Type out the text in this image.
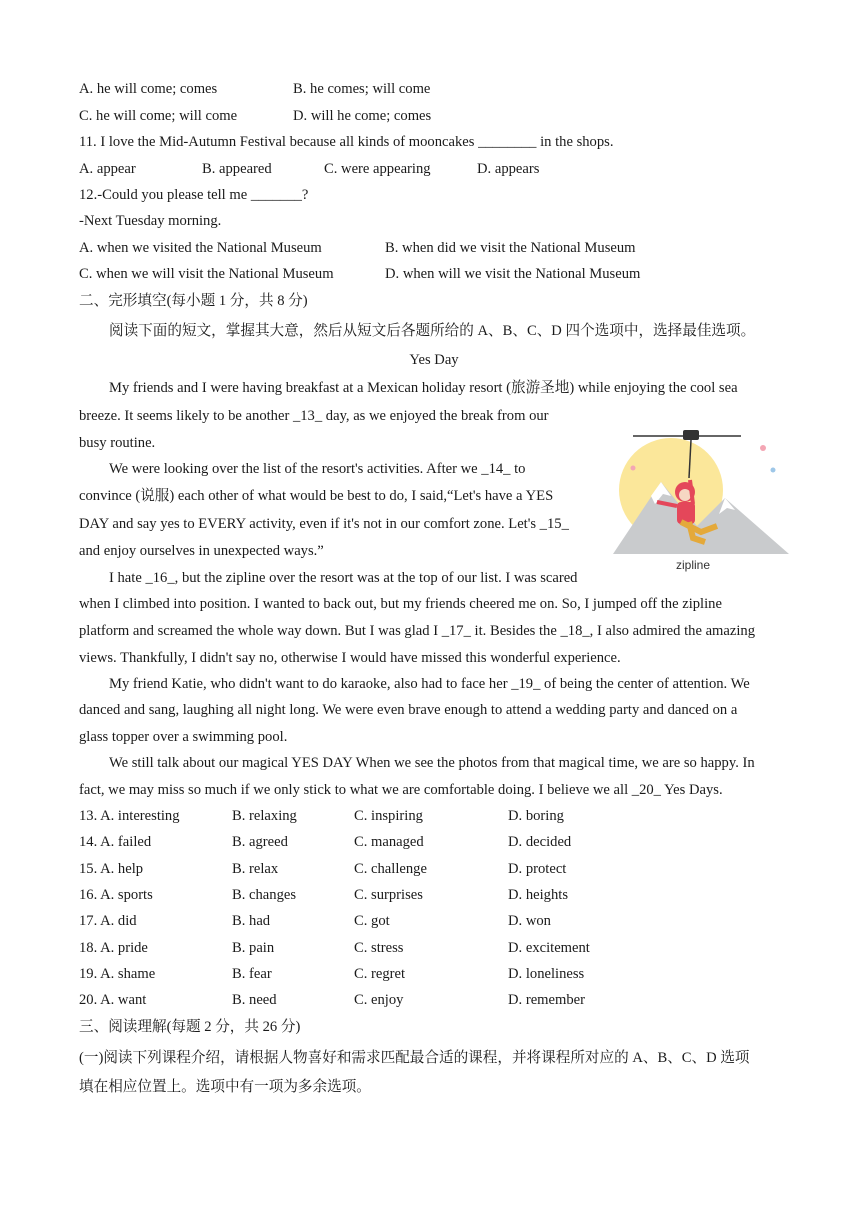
A. he will come; comes	B. he comes; will come
C. he will come; will come	D. will he come; comes
11. I love the Mid-Autumn Festival because all kinds of mooncakes ________ in the shops.
A. appear	B. appeared	C. were appearing	D. appears
12.-Could you please tell me _______?
-Next Tuesday morning.
A. when we visited the National Museum	B. when did we visit the National Museum
C. when we will visit the National Museum	D. when will we visit the National Museum
二、完形填空(每小题 1 分，共 8 分)
阅读下面的短文，掌握其大意，然后从短文后各题所给的 A、B、C、D 四个选项中，选择最佳选项。
Yes Day
My friends and I were having breakfast at a Mexican holiday resort (旅游圣地) while enjoying the cool sea
breeze. It seems likely to be another _13_ day, as we enjoyed the break from our
busy routine.
We were looking over the list of the resort's activities. After we _14_ to
convince (说服) each other of what would be best to do, I said,“Let's have a YES
DAY and say yes to EVERY activity, even if it's not in our comfort zone. Let's _15_
and enjoy ourselves in unexpected ways.”
I hate _16_, but the zipline over the resort was at the top of our list. I was scared
when I climbed into position. I wanted to back out, but my friends cheered me on. So, I jumped off the zipline
platform and screamed the whole way down. But I was glad I _17_ it. Besides the _18_, I also admired the amazing
views. Thankfully, I didn't say no, otherwise I would have missed this wonderful experience.
My friend Katie, who didn't want to do karaoke, also had to face her _19_ of being the center of attention. We
danced and sang, laughing all night long. We were even brave enough to attend a wedding party and danced on a
glass topper over a swimming pool.
We still talk about our magical YES DAY When we see the photos from that magical time, we are so happy. In
fact, we may miss so much if we only stick to what we are comfortable doing. I believe we all _20_ Yes Days.
zipline
13. A. interesting	B. relaxing	C. inspiring	D. boring
14. A. failed	B. agreed	C. managed	D. decided
15. A. help	B. relax	C. challenge	D. protect
16. A. sports	B. changes	C. surprises	D. heights
17. A. did	B. had	C. got	D. won
18. A. pride	B. pain	C. stress	D. excitement
19. A. shame	B. fear	C. regret	D. loneliness
20. A. want	B. need	C. enjoy	D. remember
三、阅读理解(每题 2 分，共 26 分)
(一)阅读下列课程介绍，请根据人物喜好和需求匹配最合适的课程，并将课程所对应的 A、B、C、D 选项
填在相应位置上。选项中有一项为多余选项。
